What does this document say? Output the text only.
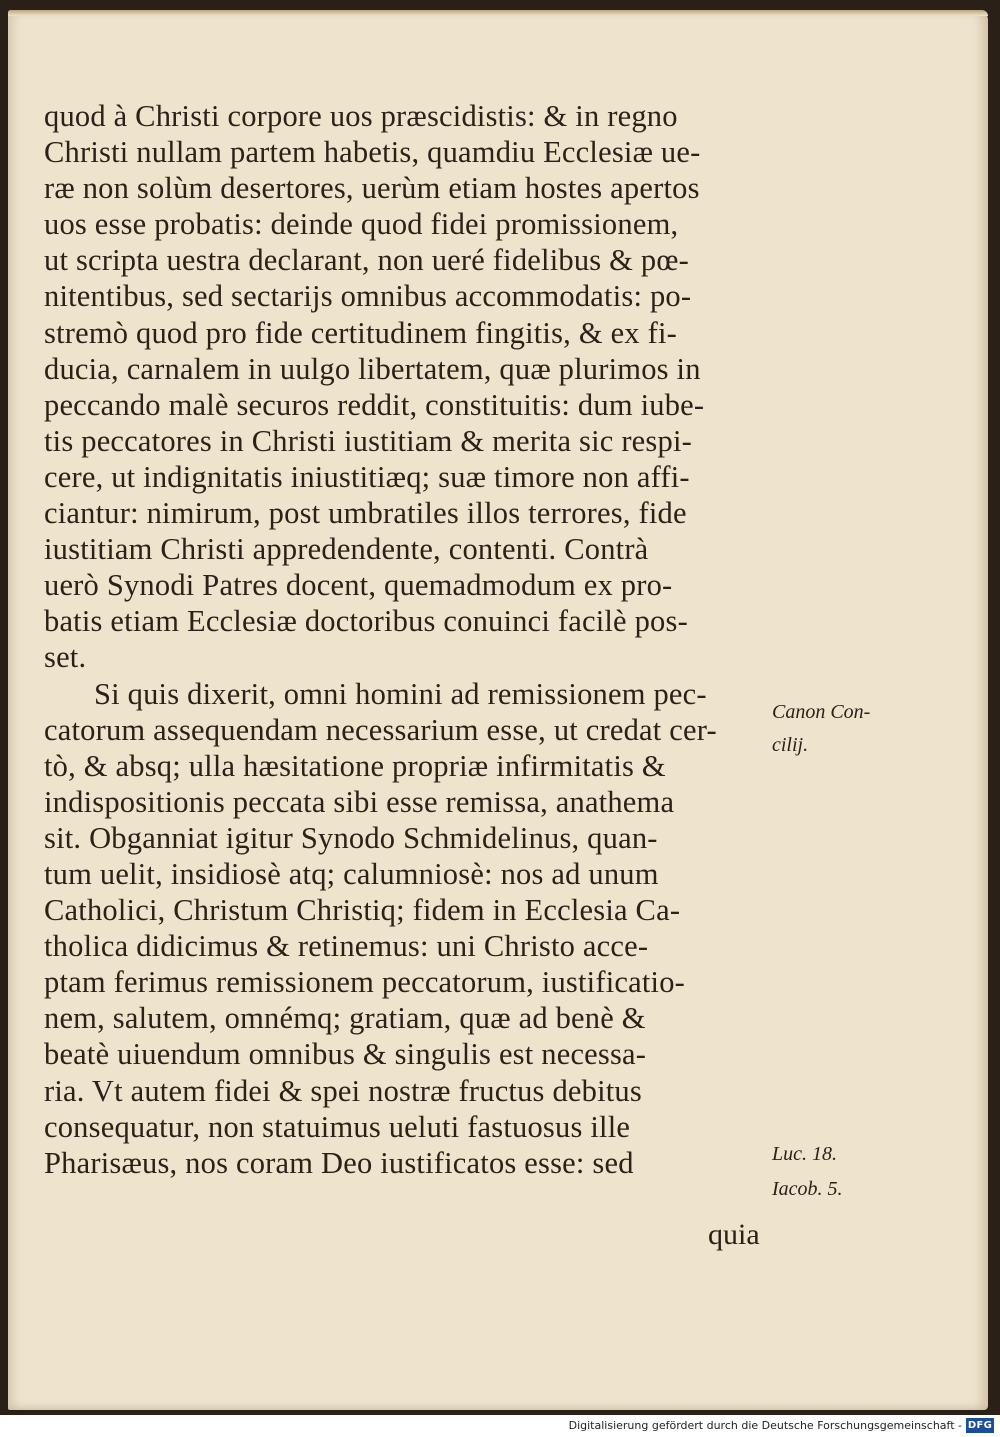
quod à Christi corpore uos præscidistis: & in regno
Christi nullam partem habetis, quamdiu Ecclesiæ ue-
ræ non solùm desertores, uerùm etiam hostes apertos
uos esse probatis: deinde quod fidei promissionem,
ut scripta uestra declarant, non ueré fidelibus & pœ-
nitentibus, sed sectarijs omnibus accommodatis: po-
stremò quod pro fide certitudinem fingitis, & ex fi-
ducia, carnalem in uulgo libertatem, quæ plurimos in
peccando malè securos reddit, constituitis: dum iube-
tis peccatores in Christi iustitiam & merita sic respi-
cere, ut indignitatis iniustitiæq; suæ timore non affi-
ciantur: nimirum, post umbratiles illos terrores, fide
iustitiam Christi appredendente, contenti. Contrà
uerò Synodi Patres docent, quemadmodum ex pro-
batis etiam Ecclesiæ doctoribus conuinci facilè pos-
set.
Si quis dixerit, omni homini ad remissionem pec-
catorum assequendam necessarium esse, ut credat cer-
tò, & absq; ulla hæsitatione propriæ infirmitatis &
indispositionis peccata sibi esse remissa, anathema
sit. Obganniat igitur Synodo Schmidelinus, quan-
tum uelit, insidiosè atq; calumniosè: nos ad unum
Catholici, Christum Christiq; fidem in Ecclesia Ca-
tholica didicimus & retinemus: uni Christo acce-
ptam ferimus remissionem peccatorum, iustificatio-
nem, salutem, omnémq; gratiam, quæ ad benè &
beatè uiuendum omnibus & singulis est necessa-
ria. Vt autem fidei & spei nostræ fructus debitus
consequatur, non statuimus ueluti fastuosus ille
Pharisæus, nos coram Deo iustificatos esse: sed
Canon Con-
cilij.
Luc. 18.
Iacob. 5.
quia
Digitalisierung gefördert durch die Deutsche Forschungsgemeinschaft - DFG
